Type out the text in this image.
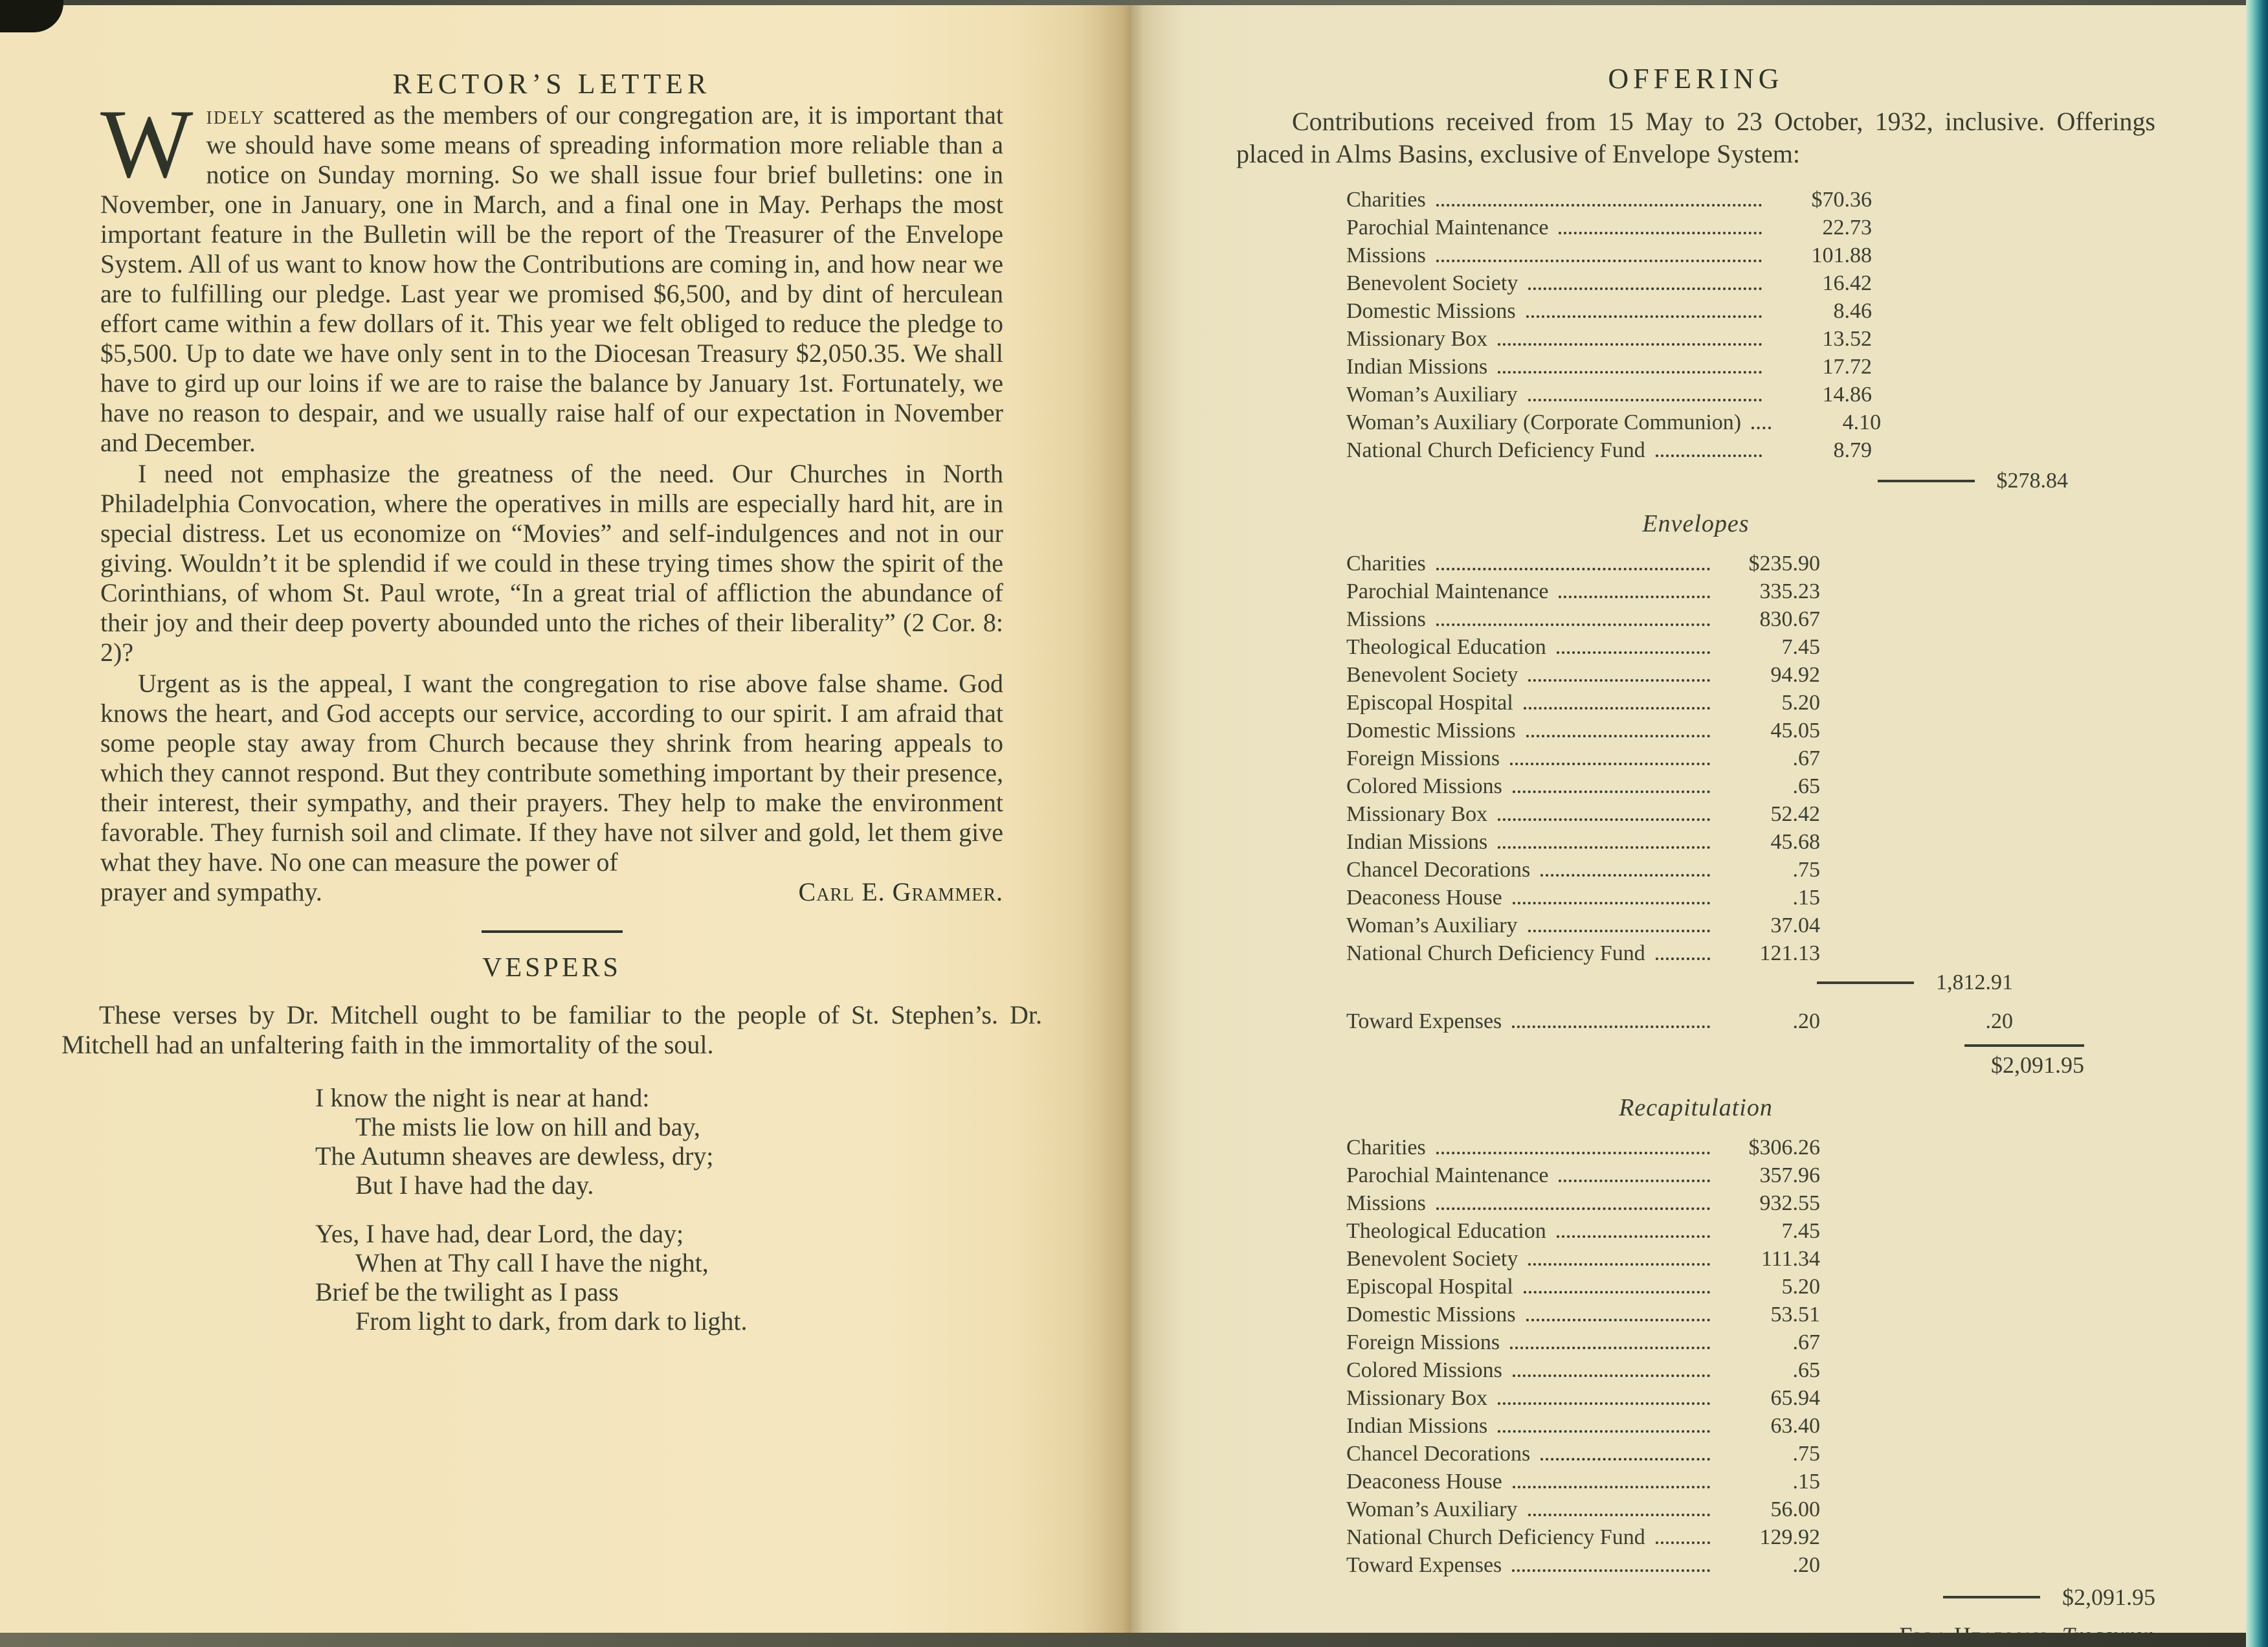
RECTOR’S LETTER

Widely scattered as the members of our congregation are, it is important that we should have some means of spreading information more reliable than a notice on Sunday morning. So we shall issue four brief bulletins: one in November, one in January, one in March, and a final one in May. Perhaps the most important feature in the Bulletin will be the report of the Treasurer of the Envelope System. All of us want to know how the Contributions are coming in, and how near we are to fulfilling our pledge. Last year we promised $6,500, and by dint of herculean effort came within a few dollars of it. This year we felt obliged to reduce the pledge to $5,500. Up to date we have only sent in to the Diocesan Treasury $2,050.35. We shall have to gird up our loins if we are to raise the balance by January 1st. Fortunately, we have no reason to despair, and we usually raise half of our expectation in November and December.

I need not emphasize the greatness of the need. Our Churches in North Philadelphia Convocation, where the operatives in mills are especially hard hit, are in special distress. Let us economize on “Movies” and self-indulgences and not in our giving. Wouldn’t it be splendid if we could in these trying times show the spirit of the Corinthians, of whom St. Paul wrote, “In a great trial of affliction the abundance of their joy and their deep poverty abounded unto the riches of their liberality” (2 Cor. 8: 2)?

Urgent as is the appeal, I want the congregation to rise above false shame. God knows the heart, and God accepts our service, according to our spirit. I am afraid that some people stay away from Church because they shrink from hearing appeals to which they cannot respond. But they contribute something important by their presence, their interest, their sympathy, and their prayers. They help to make the environment favorable. They furnish soil and climate. If they have not silver and gold, let them give what they have. No one can measure the power of

prayer and sympathy.	Carl E. Grammer.
VESPERS

These verses by Dr. Mitchell ought to be familiar to the people of St. Stephen’s. Dr. Mitchell had an unfaltering faith in the immortality of the soul.

I know the night is near at hand:
The mists lie low on hill and bay,
The Autumn sheaves are dewless, dry;
But I have had the day.
Yes, I have had, dear Lord, the day;
When at Thy call I have the night,
Brief be the twilight as I pass
From light to dark, from dark to light.
OFFERING

Contributions received from 15 May to 23 October, 1932, inclusive. Offerings placed in Alms Basins, exclusive of Envelope System:

Charities	$70.36
Parochial Maintenance	22.73
Missions	101.88
Benevolent Society	16.42
Domestic Missions	8.46
Missionary Box	13.52
Indian Missions	17.72
Woman’s Auxiliary	14.86
Woman’s Auxiliary (Corporate Communion)	4.10
National Church Deficiency Fund	8.79
$278.84
Envelopes
Charities	$235.90
Parochial Maintenance	335.23
Missions	830.67
Theological Education	7.45
Benevolent Society	94.92
Episcopal Hospital	5.20
Domestic Missions	45.05
Foreign Missions	.67
Colored Missions	.65
Missionary Box	52.42
Indian Missions	45.68
Chancel Decorations	.75
Deaconess House	.15
Woman’s Auxiliary	37.04
National Church Deficiency Fund	121.13
1,812.91
Toward Expenses	.20	.20
$2,091.95
Recapitulation
Charities	$306.26
Parochial Maintenance	357.96
Missions	932.55
Theological Education	7.45
Benevolent Society	111.34
Episcopal Hospital	5.20
Domestic Missions	53.51
Foreign Missions	.67
Colored Missions	.65
Missionary Box	65.94
Indian Missions	63.40
Chancel Decorations	.75
Deaconess House	.15
Woman’s Auxiliary	56.00
National Church Deficiency Fund	129.92
Toward Expenses	.20
$2,091.95
